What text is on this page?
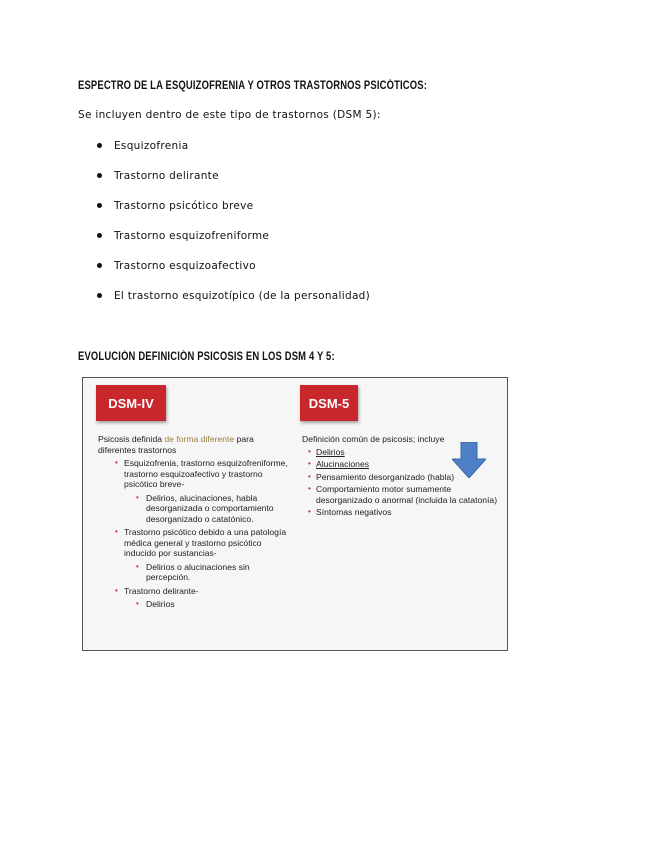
ESPECTRO DE LA ESQUIZOFRENIA Y OTROS TRASTORNOS PSICÓTICOS:
Se incluyen dentro de este tipo de trastornos (DSM 5):
Esquizofrenia
Trastorno delirante
Trastorno psicótico breve
Trastorno esquizofreniforme
Trastorno esquizoafectivo
El trastorno esquizotípico (de la personalidad)
EVOLUCIÓN DEFINICIÓN PSICOSIS EN LOS DSM 4 Y 5:
DSM-IV	DSM-5

Psicosis definida de forma diferente para diferentes trastornos

• Esquizofrenia, trastorno esquizofreniforme, trastorno esquizoafectivo y trastorno psicótico breve-
• Delirios, alucinaciones, habla desorganizada o comportamiento desorganizado o catatónico.
• Trastorno psicótico debido a una patología médica general y trastorno psicótico inducido por sustancias-
• Delirios o alucinaciones sin percepción.
• Trastorno delirante-
• Delirios

Definición común de psicosis; incluye

• Delirios
• Alucinaciones
• Pensamiento desorganizado (habla)
• Comportamiento motor sumamente desorganizado o anormal (incluida la catatonía)
• Síntomas negativos
